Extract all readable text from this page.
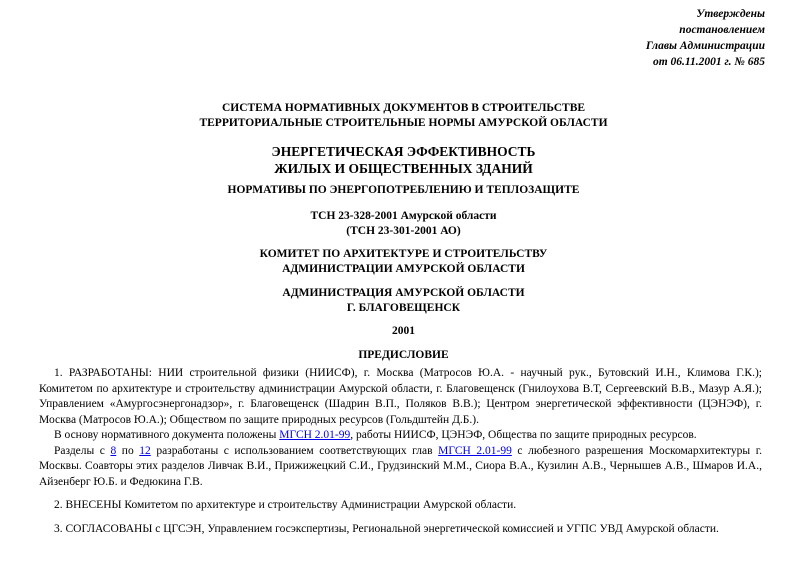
Утверждены
постановлением
Главы Администрации
от 06.11.2001 г. № 685
СИСТЕМА НОРМАТИВНЫХ ДОКУМЕНТОВ В СТРОИТЕЛЬСТВЕ
ТЕРРИТОРИАЛЬНЫЕ СТРОИТЕЛЬНЫЕ НОРМЫ АМУРСКОЙ ОБЛАСТИ
ЭНЕРГЕТИЧЕСКАЯ ЭФФЕКТИВНОСТЬ
ЖИЛЫХ И ОБЩЕСТВЕННЫХ ЗДАНИЙ
НОРМАТИВЫ ПО ЭНЕРГОПОТРЕБЛЕНИЮ И ТЕПЛОЗАЩИТЕ
ТСН 23-328-2001 Амурской области
(ТСН 23-301-2001 АО)
КОМИТЕТ ПО АРХИТЕКТУРЕ И СТРОИТЕЛЬСТВУ
АДМИНИСТРАЦИИ АМУРСКОЙ ОБЛАСТИ
АДМИНИСТРАЦИЯ АМУРСКОЙ ОБЛАСТИ
Г. БЛАГОВЕЩЕНСК
2001
ПРЕДИСЛОВИЕ

1. РАЗРАБОТАНЫ: НИИ строительной физики (НИИСФ), г. Москва (Матросов Ю.А. - научный рук., Бутовский И.Н., Климова Г.К.); Комитетом по архитектуре и строительству администрации Амурской области, г. Благовещенск (Гнилоухова В.Т, Сергеевский В.В., Мазур А.Я.); Управлением «Амургосэнергонадзор», г. Благовещенск (Шадрин В.П., Поляков В.В.); Центром энергетической эффективности (ЦЭНЭФ), г. Москва (Матросов Ю.А.); Обществом по защите природных ресурсов (Гольдштейн Д.Б.).

В основу нормативного документа положены МГСН 2.01-99, работы НИИСФ, ЦЭНЭФ, Общества по защите природных ресурсов.

Разделы с 8 по 12 разработаны с использованием соответствующих глав МГСН 2.01-99 с любезного разрешения Москомархитектуры г. Москвы. Соавторы этих разделов Ливчак В.И., Прижижецкий С.И., Грудзинский М.М., Сиора В.А., Кузилин А.В., Чернышев А.В., Шмаров И.А., Айзенберг Ю.Б. и Федюкина Г.В.

2. ВНЕСЕНЫ Комитетом по архитектуре и строительству Администрации Амурской области.

3. СОГЛАСОВАНЫ с ЦГСЭН, Управлением госэкспертизы, Региональной энергетической комиссией и УГПС УВД Амурской области.
